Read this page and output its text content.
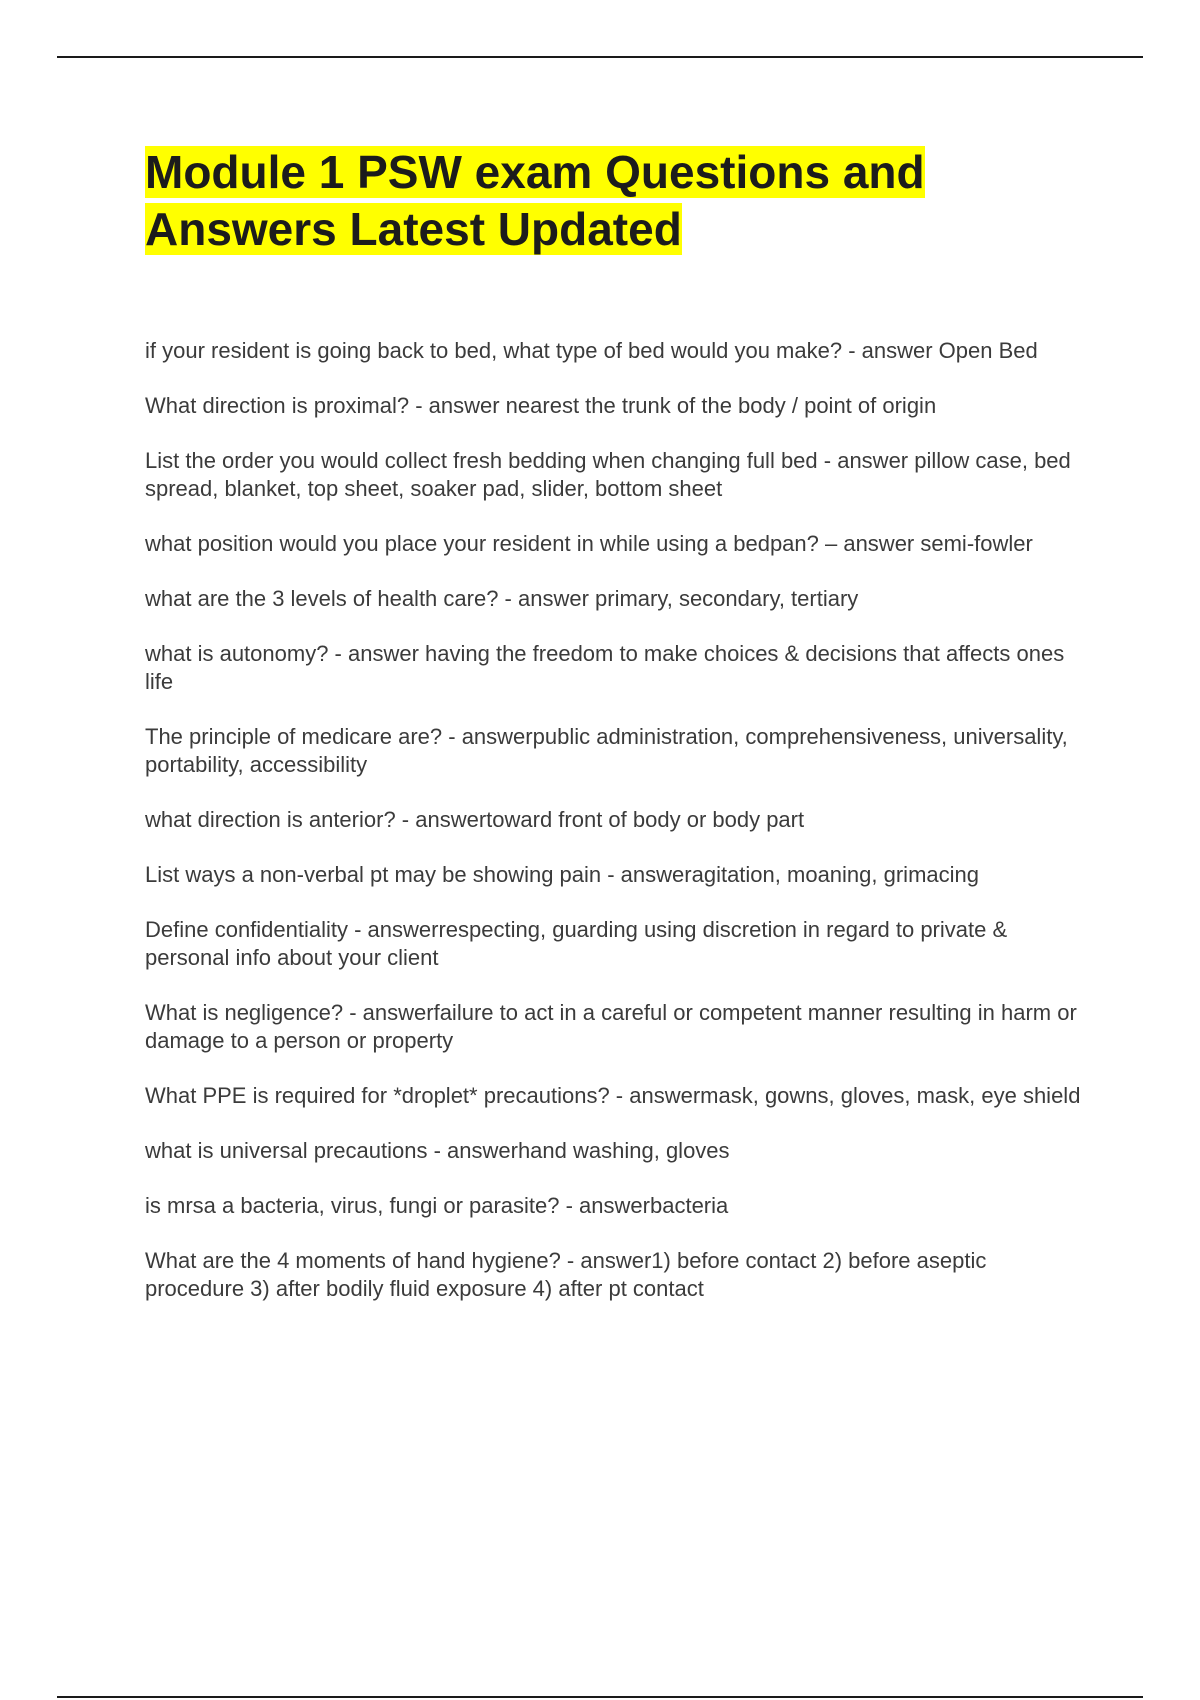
Module 1 PSW exam Questions and
Answers Latest Updated
if your resident is going back to bed, what type of bed would you make? - answer Open Bed
What direction is proximal? - answer nearest the trunk of the body / point of origin
List the order you would collect fresh bedding when changing full bed - answer pillow case, bed spread, blanket, top sheet, soaker pad, slider, bottom sheet
what position would you place your resident in while using a bedpan? – answer semi-fowler
what are the 3 levels of health care? - answer primary, secondary, tertiary
what is autonomy? - answer having the freedom to make choices & decisions that affects ones life
The principle of medicare are? - answerpublic administration, comprehensiveness, universality, portability, accessibility
what direction is anterior? - answertoward front of body or body part
List ways a non-verbal pt may be showing pain - answeragitation, moaning, grimacing
Define confidentiality - answerrespecting, guarding using discretion in regard to private & personal info about your client
What is negligence? - answerfailure to act in a careful or competent manner resulting in harm or damage to a person or property
What PPE is required for *droplet* precautions? - answermask, gowns, gloves, mask, eye shield
what is universal precautions - answerhand washing, gloves
is mrsa a bacteria, virus, fungi or parasite? - answerbacteria
What are the 4 moments of hand hygiene? - answer1) before contact 2) before aseptic procedure 3) after bodily fluid exposure 4) after pt contact
